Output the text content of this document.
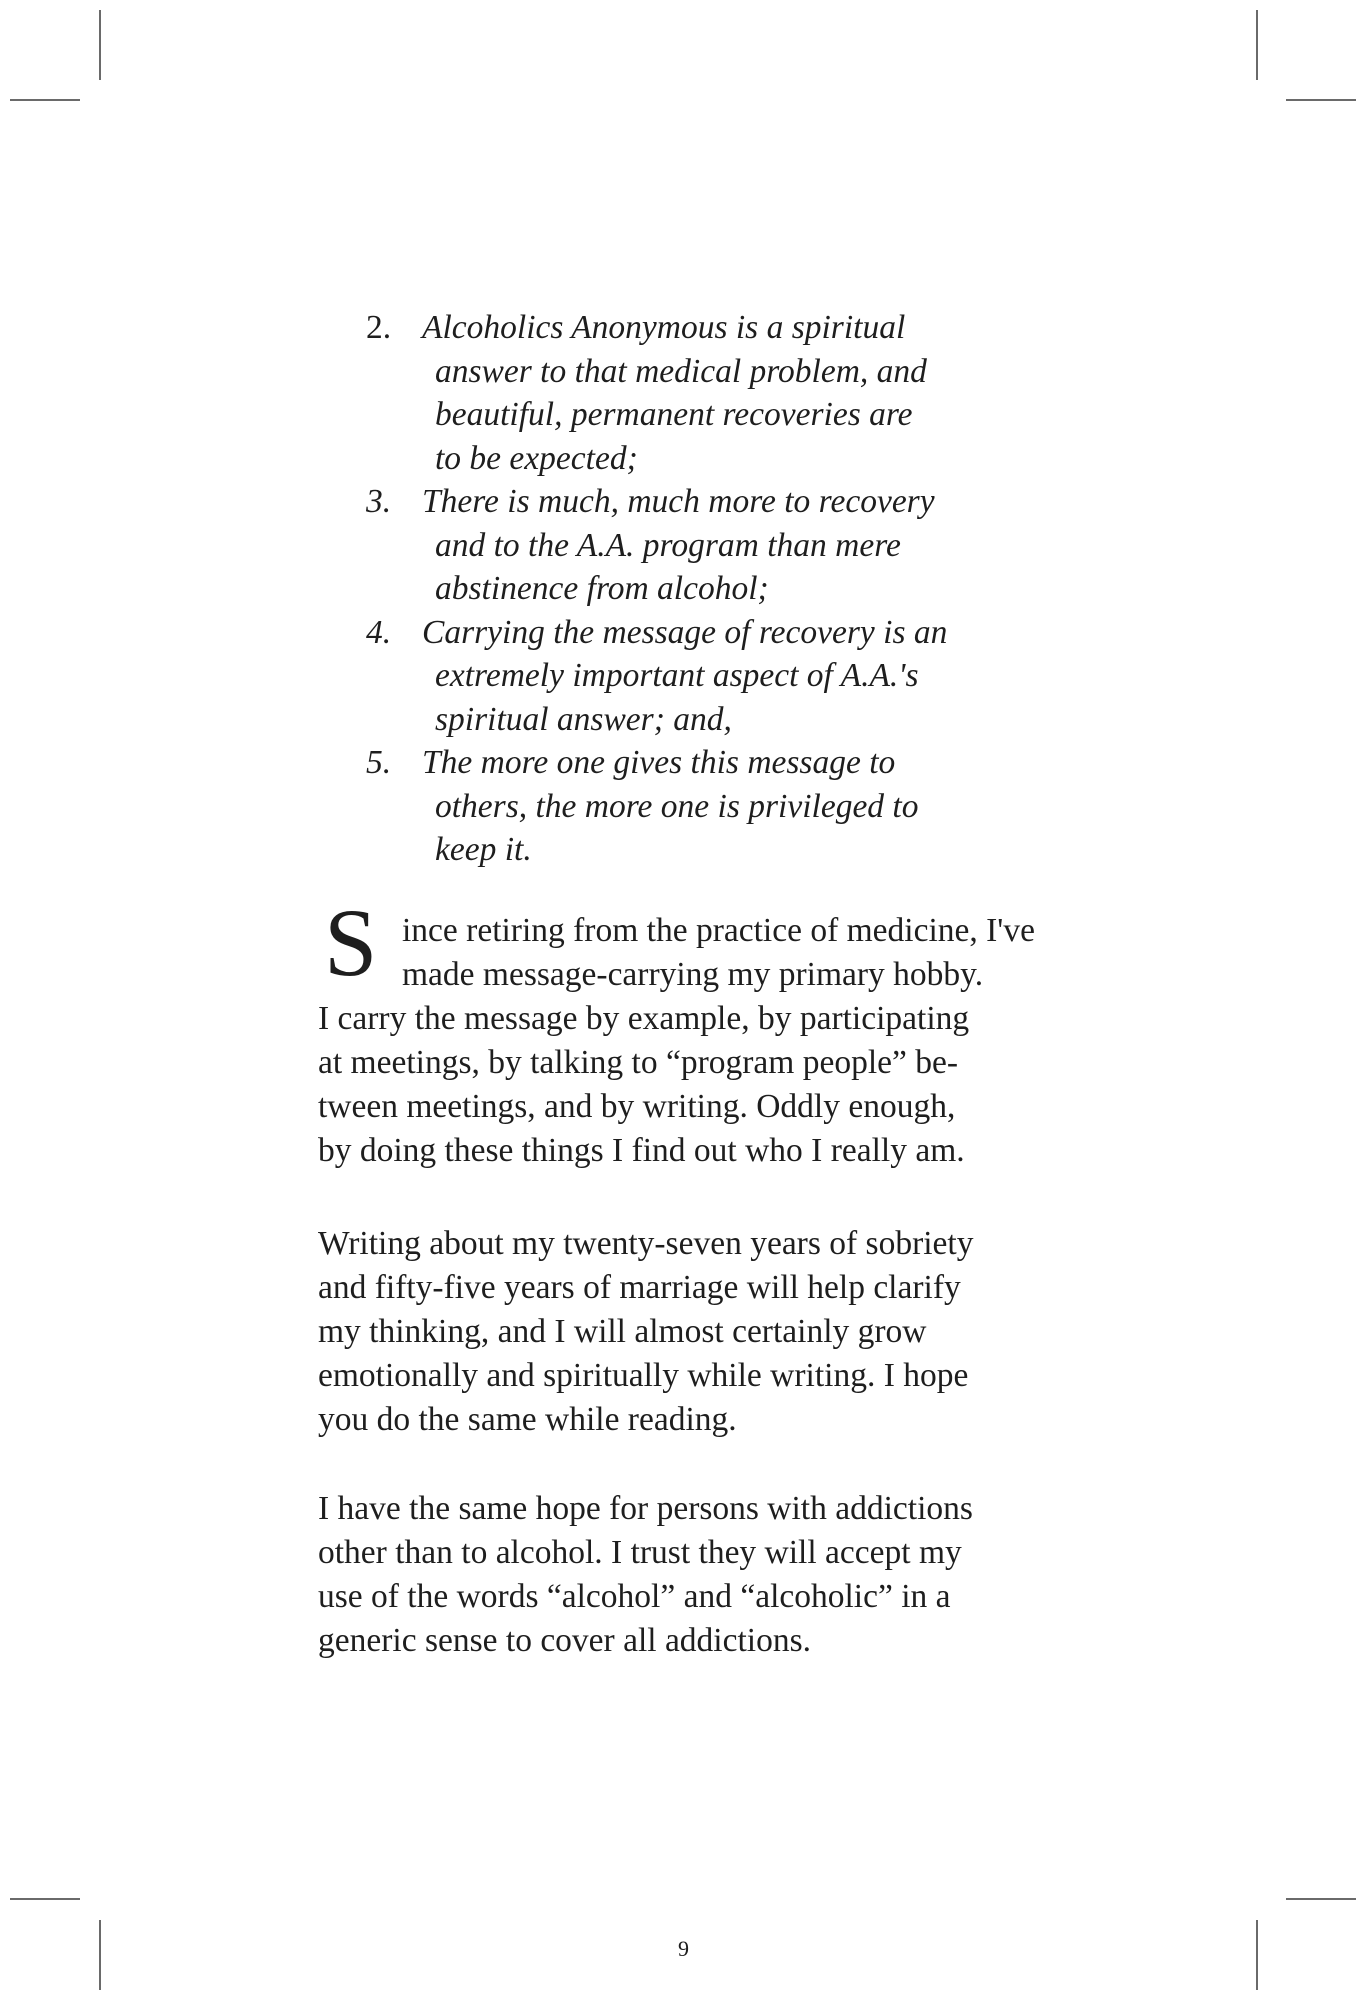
2. Alcoholics Anonymous is a spiritual
answer to that medical problem, and
beautiful, permanent recoveries are
to be expected;
3. There is much, much more to recovery
and to the A.A. program than mere
abstinence from alcohol;
4. Carrying the message of recovery is an
extremely important aspect of A.A.'s
spiritual answer; and,
5. The more one gives this message to
others, the more one is privileged to
keep it.
S ince retiring from the practice of medicine, I've
made message-carrying my primary hobby.
I carry the message by example, by participating
at meetings, by talking to “program people” be-
tween meetings, and by writing. Oddly enough,
by doing these things I find out who I really am.
Writing about my twenty-seven years of sobriety
and fifty-five years of marriage will help clarify
my thinking, and I will almost certainly grow
emotionally and spiritually while writing. I hope
you do the same while reading.
I have the same hope for persons with addictions
other than to alcohol. I trust they will accept my
use of the words “alcohol” and “alcoholic” in a
generic sense to cover all addictions.
9
